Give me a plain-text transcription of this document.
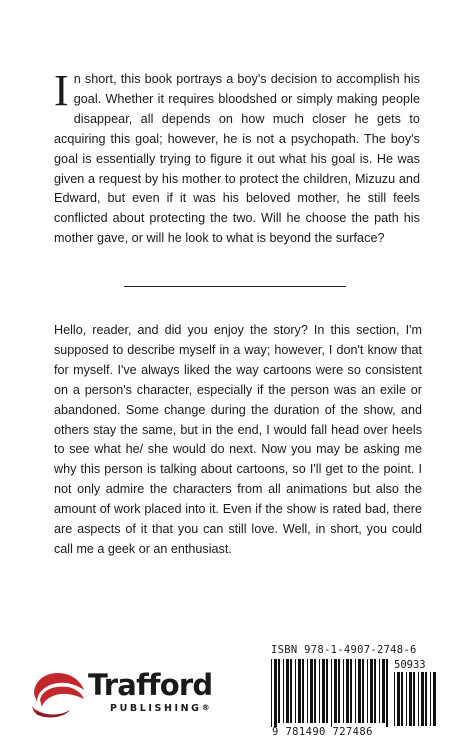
In short, this book portrays a boy's decision to accomplish his goal. Whether it requires bloodshed or simply making people disappear, all depends on how much closer he gets to acquiring this goal; however, he is not a psychopath. The boy's goal is essentially trying to figure it out what his goal is. He was given a request by his mother to protect the children, Mizuzu and Edward, but even if it was his beloved mother, he still feels conflicted about protecting the two. Will he choose the path his mother gave, or will he look to what is beyond the surface?
Hello, reader, and did you enjoy the story? In this section, I'm supposed to describe myself in a way; however, I don't know that for myself. I've always liked the way cartoons were so consistent on a person's character, especially if the person was an exile or abandoned. Some change during the duration of the show, and others stay the same, but in the end, I would fall head over heels to see what he/ she would do next. Now you may be asking me why this person is talking about cartoons, so I'll get to the point. I not only admire the characters from all animations but also the amount of work placed into it. Even if the show is rated bad, there are aspects of it that you can still love. Well, in short, you could call me a geek or an enthusiast.
Trafford
PUBLISHING®
ISBN 978-1-4907-2748-6
50933
9 781490 727486
